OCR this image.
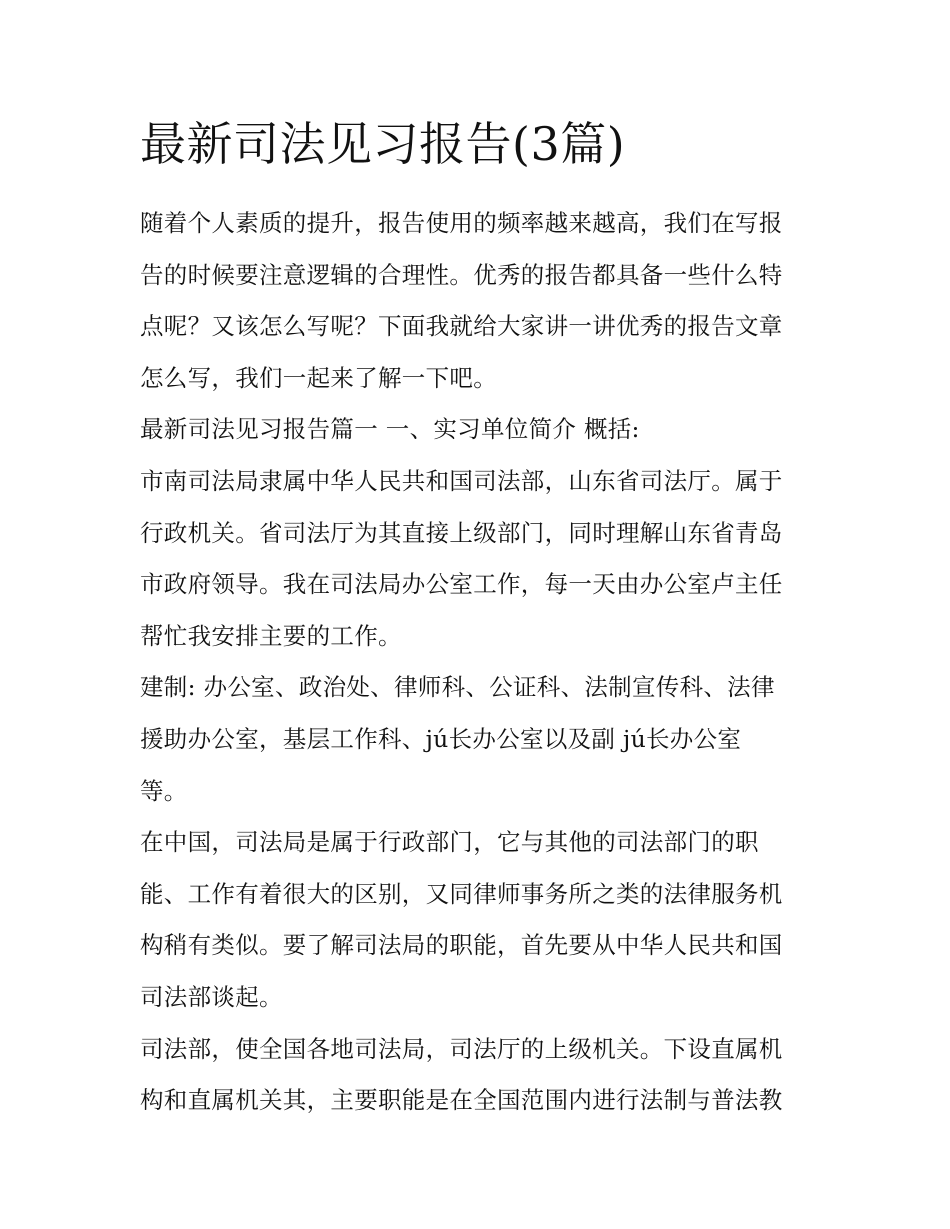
最新司法见习报告(3篇)

随着个人素质的提升，报告使用的频率越来越高，我们在写报

告的时候要注意逻辑的合理性。优秀的报告都具备一些什么特

点呢？又该怎么写呢？下面我就给大家讲一讲优秀的报告文章

怎么写，我们一起来了解一下吧。

最新司法见习报告篇一 一、实习单位简介 概括:

市南司法局隶属中华人民共和国司法部，山东省司法厅。属于

行政机关。省司法厅为其直接上级部门，同时理解山东省青岛

市政府领导。我在司法局办公室工作，每一天由办公室卢主任

帮忙我安排主要的工作。

建制: 办公室、政治处、律师科、公证科、法制宣传科、法律

援助办公室，基层工作科、jú长办公室以及副 jú长办公室

等。

在中国，司法局是属于行政部门，它与其他的司法部门的职

能、工作有着很大的区别，又同律师事务所之类的法律服务机

构稍有类似。要了解司法局的职能，首先要从中华人民共和国

司法部谈起。

司法部，使全国各地司法局，司法厅的上级机关。下设直属机

构和直属机关其，主要职能是在全国范围内进行法制与普法教
